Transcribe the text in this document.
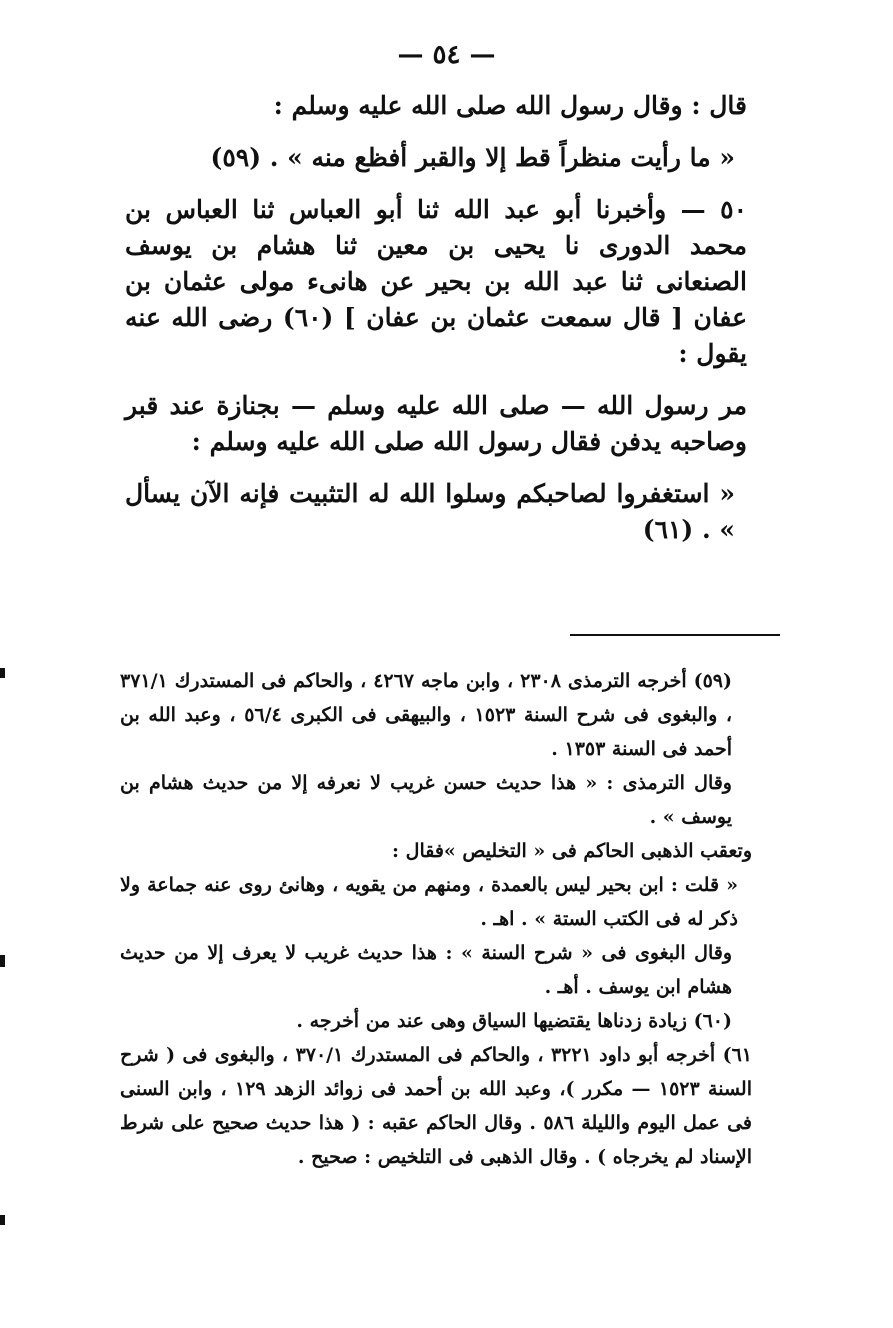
— ٥٤ —

قال : وقال رسول الله صلى الله عليه وسلم :

« ما رأيت منظراً قط إلا والقبر أفظع منه » . (٥٩)

٥٠ — وأخبرنا أبو عبد الله ثنا أبو العباس ثنا العباس بن محمد الدورى نا يحيى بن معين ثنا هشام بن يوسف الصنعانى ثنا عبد الله بن بحير عن هانىء مولى عثمان بن عفان [ قال سمعت عثمان بن عفان ] (٦٠) رضى الله عنه يقول :

مر رسول الله — صلى الله عليه وسلم — بجنازة عند قبر وصاحبه يدفن فقال رسول الله صلى الله عليه وسلم :

« استغفروا لصاحبكم وسلوا الله له التثبيت فإنه الآن يسأل » . (٦١)

(٥٩) أخرجه الترمذى ٢٣٠٨ ، وابن ماجه ٤٢٦٧ ، والحاكم فى المستدرك ٣٧١/١ ، والبغوى فى شرح السنة ١٥٢٣ ، والبيهقى فى الكبرى ٥٦/٤ ، وعبد الله بن أحمد فى السنة ١٣٥٣ .

وقال الترمذى : « هذا حديث حسن غريب لا نعرفه إلا من حديث هشام بن يوسف » .

وتعقب الذهبى الحاكم فى « التخليص »فقال :

« قلت : ابن بحير ليس بالعمدة ، ومنهم من يقويه ، وهانئ روى عنه جماعة ولا ذكر له فى الكتب الستة » . اهـ .

وقال البغوى فى « شرح السنة » : هذا حديث غريب لا يعرف إلا من حديث هشام ابن يوسف . أهـ .

(٦٠) زيادة زدناها يقتضيها السياق وهى عند من أخرجه .

٦١) أخرجه أبو داود ٣٢٢١ ، والحاكم فى المستدرك ٣٧٠/١ ، والبغوى فى ( شرح السنة ١٥٢٣ — مكرر )، وعبد الله بن أحمد فى زوائد الزهد ١٢٩ ، وابن السنى فى عمل اليوم والليلة ٥٨٦ . وقال الحاكم عقبه : ( هذا حديث صحيح على شرط الإسناد لم يخرجاه ) . وقال الذهبى فى التلخيص : صحيح .
